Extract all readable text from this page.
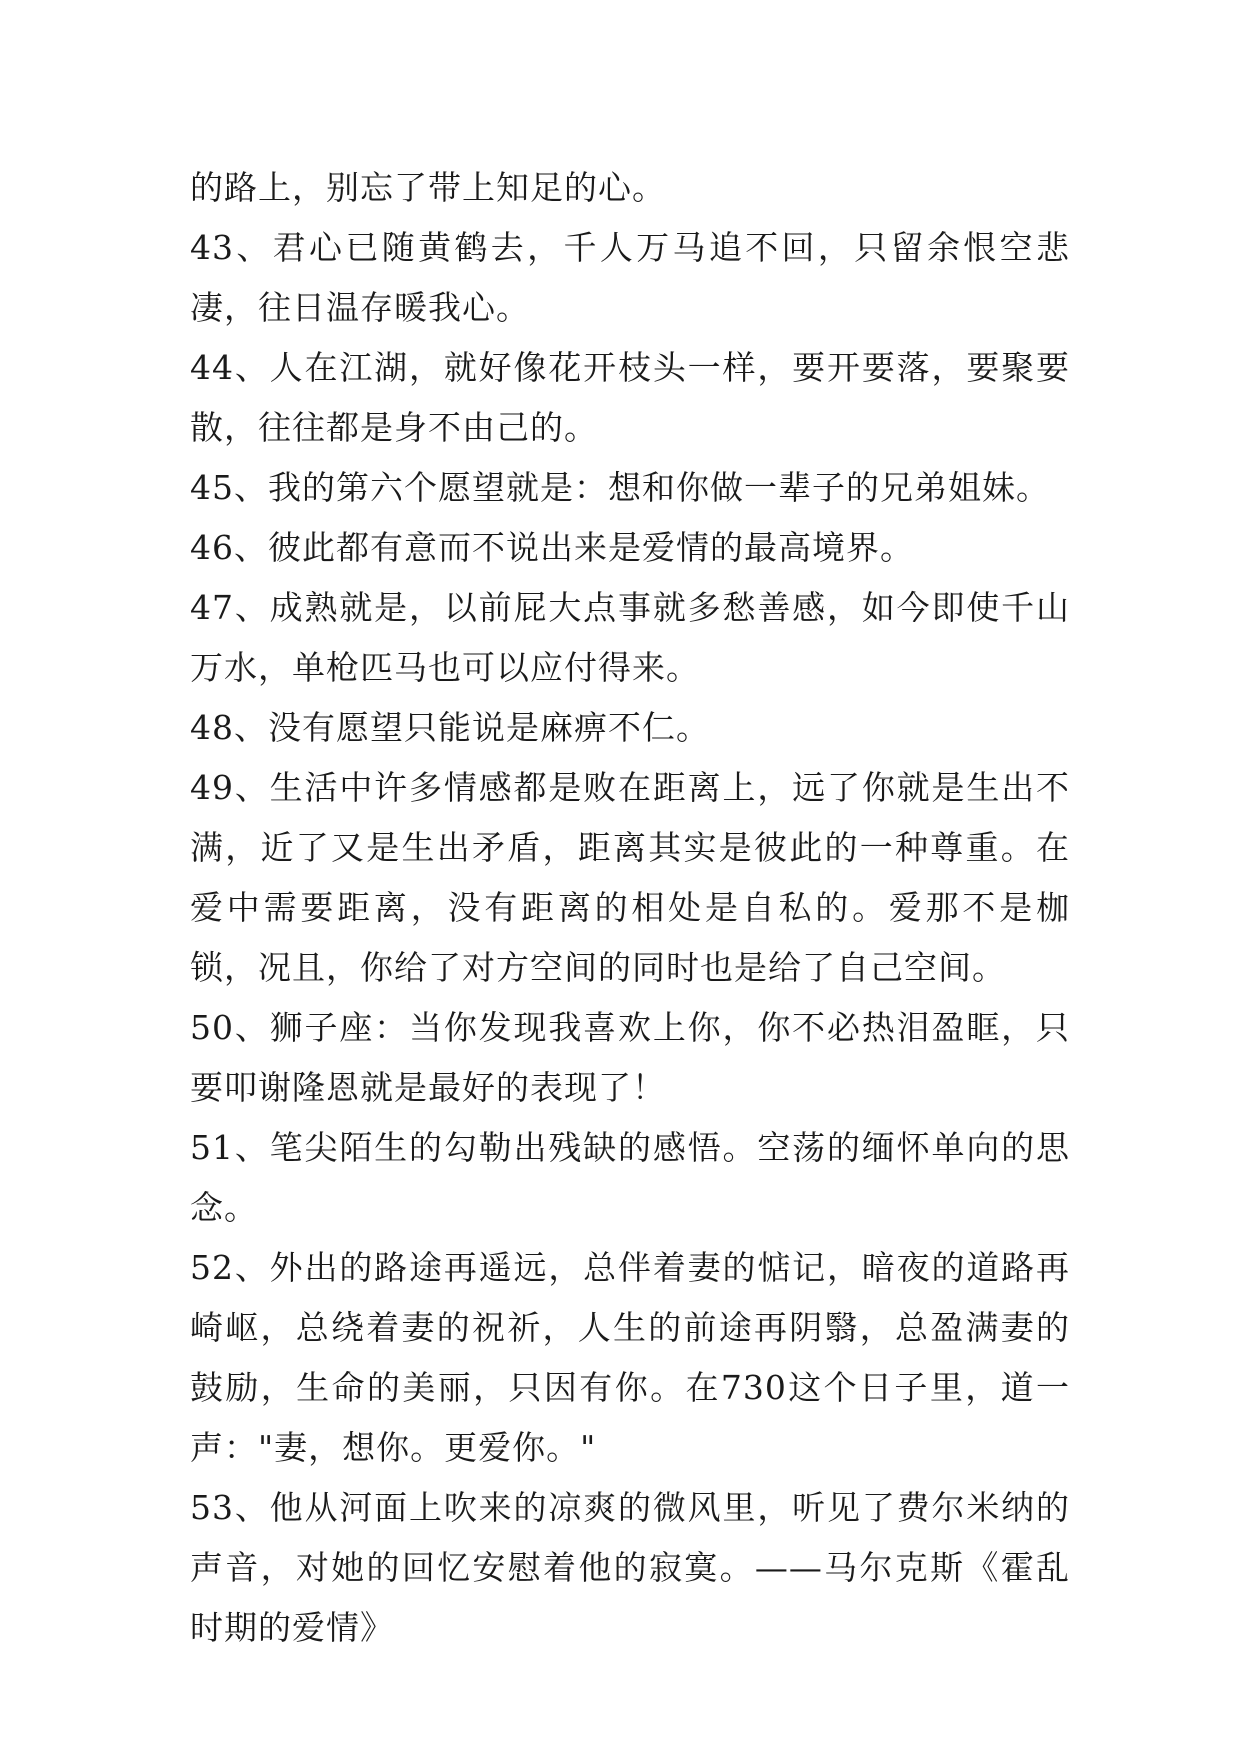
的路上，别忘了带上知足的心。

43、君心已随黄鹤去，千人万马追不回，只留余恨空悲凄，往日温存暖我心。

44、人在江湖，就好像花开枝头一样，要开要落，要聚要散，往往都是身不由己的。

45、我的第六个愿望就是：想和你做一辈子的兄弟姐妹。

46、彼此都有意而不说出来是爱情的最高境界。

47、成熟就是，以前屁大点事就多愁善感，如今即使千山万水，单枪匹马也可以应付得来。

48、没有愿望只能说是麻痹不仁。

49、生活中许多情感都是败在距离上，远了你就是生出不满，近了又是生出矛盾，距离其实是彼此的一种尊重。在爱中需要距离，没有距离的相处是自私的。爱那不是枷锁，况且，你给了对方空间的同时也是给了自己空间。

50、狮子座：当你发现我喜欢上你，你不必热泪盈眶，只要叩谢隆恩就是最好的表现了！

51、笔尖陌生的勾勒出残缺的感悟。空荡的缅怀单向的思念。

52、外出的路途再遥远，总伴着妻的惦记，暗夜的道路再崎岖，总绕着妻的祝祈，人生的前途再阴翳，总盈满妻的鼓励，生命的美丽，只因有你。在730这个日子里，道一声："妻，想你。更爱你。"

53、他从河面上吹来的凉爽的微风里，听见了费尔米纳的声音，对她的回忆安慰着他的寂寞。——马尔克斯《霍乱时期的爱情》
